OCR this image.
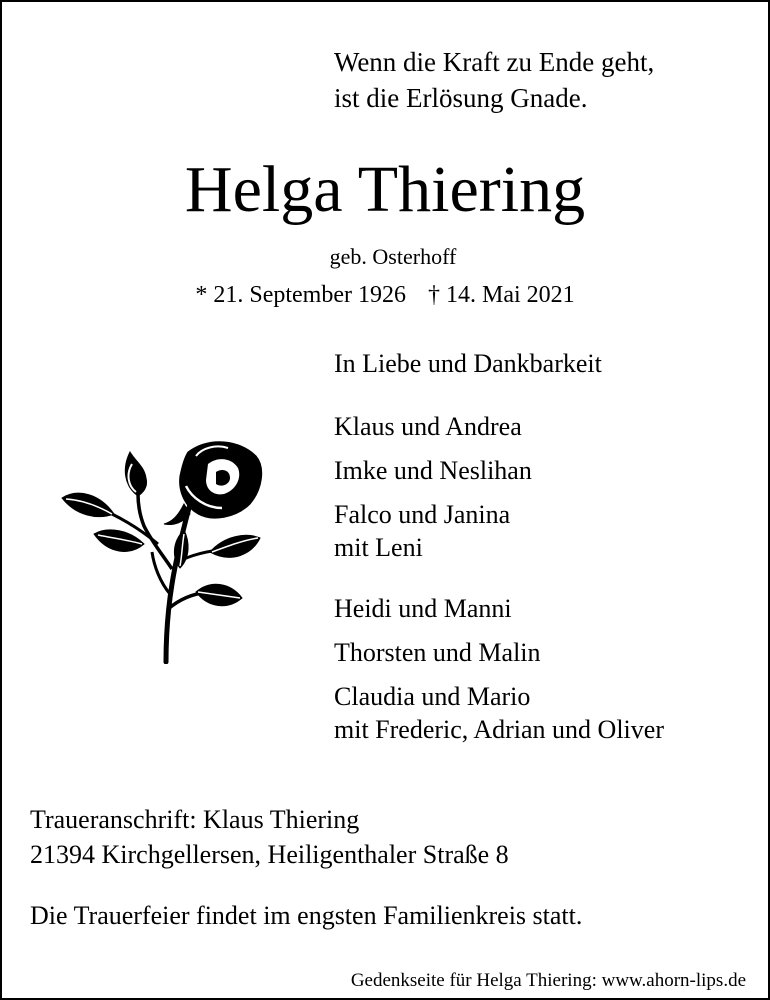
Wenn die Kraft zu Ende geht,
ist die Erlösung Gnade.
Helga Thiering
geb. Osterhoff
* 21. September 1926 † 14. Mai 2021
In Liebe und Dankbarkeit
Klaus und Andrea
Imke und Neslihan
Falco und Janina
mit Leni
Heidi und Manni
Thorsten und Malin
Claudia und Mario
mit Frederic, Adrian und Oliver
Traueranschrift: Klaus Thiering
21394 Kirchgellersen, Heiligenthaler Straße 8
Die Trauerfeier findet im engsten Familienkreis statt.
Gedenkseite für Helga Thiering: www.ahorn-lips.de
